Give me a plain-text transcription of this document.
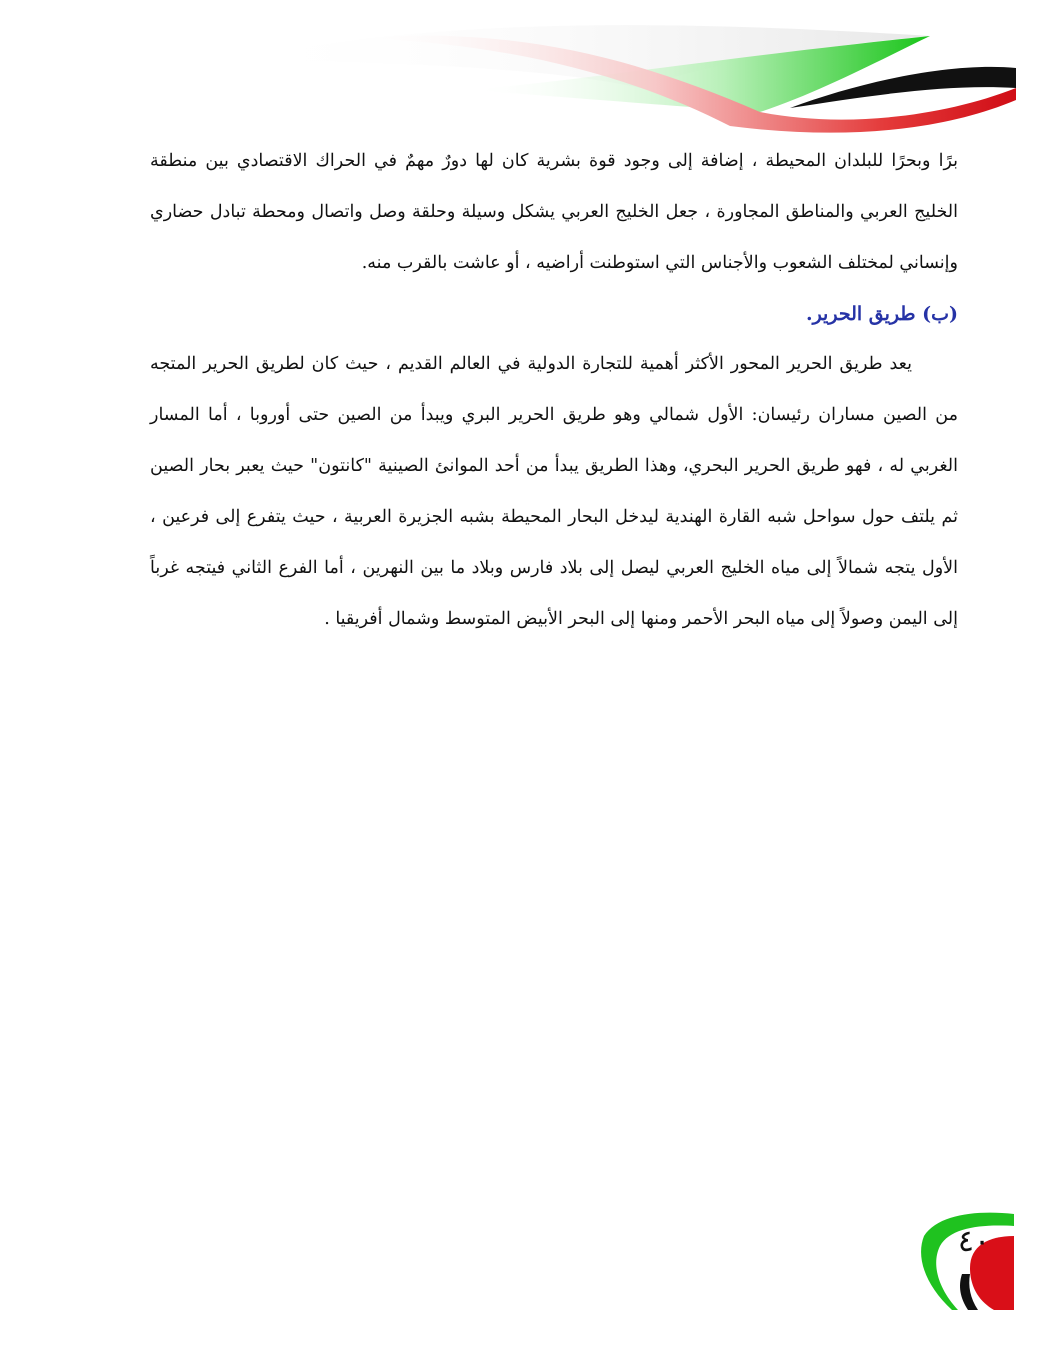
برًا وبحرًا للبلدان المحيطة ، إضافة إلى وجود قوة بشرية كان لها دورٌ مهمٌ في الحراك الاقتصادي بين منطقة الخليج العربي والمناطق المجاورة ، جعل الخليج العربي يشكل وسيلة وحلقة وصل واتصال ومحطة تبادل حضاري وإنساني لمختلف الشعوب والأجناس التي استوطنت أراضيه ، أو عاشت بالقرب منه.

(ب) طريق الحرير.

يعد طريق الحرير المحور الأكثر أهمية للتجارة الدولية في العالم القديم ، حيث كان لطريق الحرير المتجه من الصين مساران رئيسان: الأول شمالي وهو طريق الحرير البري ويبدأ من الصين حتى أوروبا ، أما المسار الغربي له ، فهو طريق الحرير البحري، وهذا الطريق يبدأ من أحد الموانئ الصينية "كانتون" حيث يعبر بحار الصين ثم يلتف حول سواحل شبه القارة الهندية ليدخل البحار المحيطة بشبه الجزيرة العربية ، حيث يتفرع إلى فرعين ، الأول يتجه شمالاً إلى مياه الخليج العربي ليصل إلى بلاد فارس وبلاد ما بين النهرين ، أما الفرع الثاني فيتجه غرباً إلى اليمن وصولاً إلى مياه البحر الأحمر ومنها إلى البحر الأبيض المتوسط وشمال أفريقيا .

٤٠
